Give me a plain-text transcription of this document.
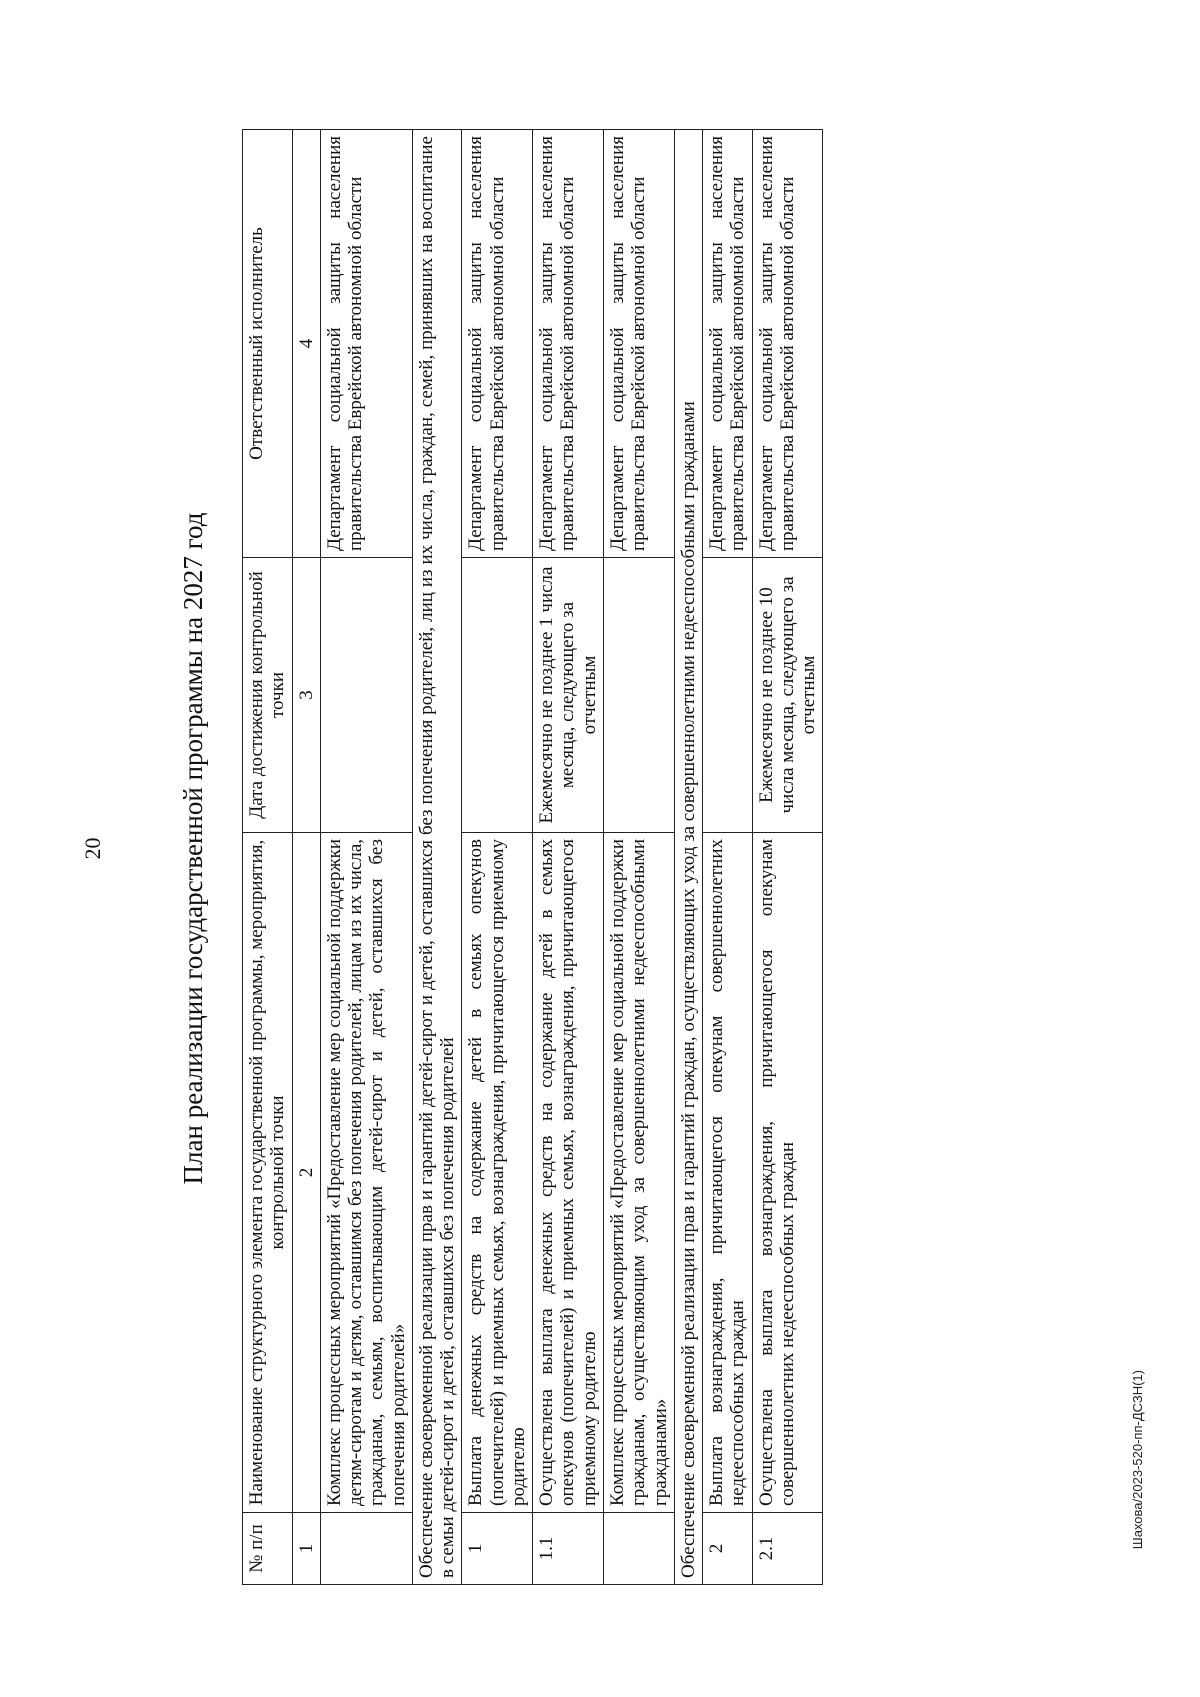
20	План реализации государственной программы на 2027 год
№ п/п	Наименование структурного элемента государственной программы, мероприятия, контрольной точки	Дата достижения контрольной точки	Ответственный исполнитель
1	2	3	4
	Комплекс процессных мероприятий «Предоставление мер социальной поддержки детям-сиротам и детям, оставшимся без попечения родителей, лицам из их числа, гражданам, семьям, воспитывающим детей-сирот и детей, оставшихся без попечения родителей»		Департамент социальной защиты населения правительства Еврейской автономной области
Обеспечение своевременной реализации прав и гарантий детей-сирот и детей, оставшихся без попечения родителей, лиц из их числа, граждан, семей, принявших на воспитание в семьи детей-сирот и детей, оставшихся без попечения родителей			
1	Выплата денежных средств на содержание детей в семьях опекунов (попечителей) и приемных семьях, вознаграждения, причитающегося приемному родителю		Департамент социальной защиты населения правительства Еврейской автономной области
1.1	Осуществлена выплата денежных средств на содержание детей в семьях опекунов (попечителей) и приемных семьях, вознаграждения, причитающегося приемному родителю	Ежемесячно не позднее 1 числа месяца, следующего за отчетным	Департамент социальной защиты населения правительства Еврейской автономной области
	Комплекс процессных мероприятий «Предоставление мер социальной поддержки гражданам, осуществляющим уход за совершеннолетними недееспособными гражданами»		Департамент социальной защиты населения правительства Еврейской автономной области
Обеспечение своевременной реализации прав и гарантий граждан, осуществляющих уход за совершеннолетними недееспособными гражданами			
2	Выплата вознаграждения, причитающегося опекунам совершеннолетних недееспособных граждан		Департамент социальной защиты населения правительства Еврейской автономной области
2.1	Осуществлена выплата вознаграждения, причитающегося опекунам совершеннолетних недееспособных граждан	Ежемесячно не позднее 10 числа месяца, следующего за отчетным	Департамент социальной защиты населения правительства Еврейской автономной области
Шахова/2023-520-пп-ДСЗН(1)
